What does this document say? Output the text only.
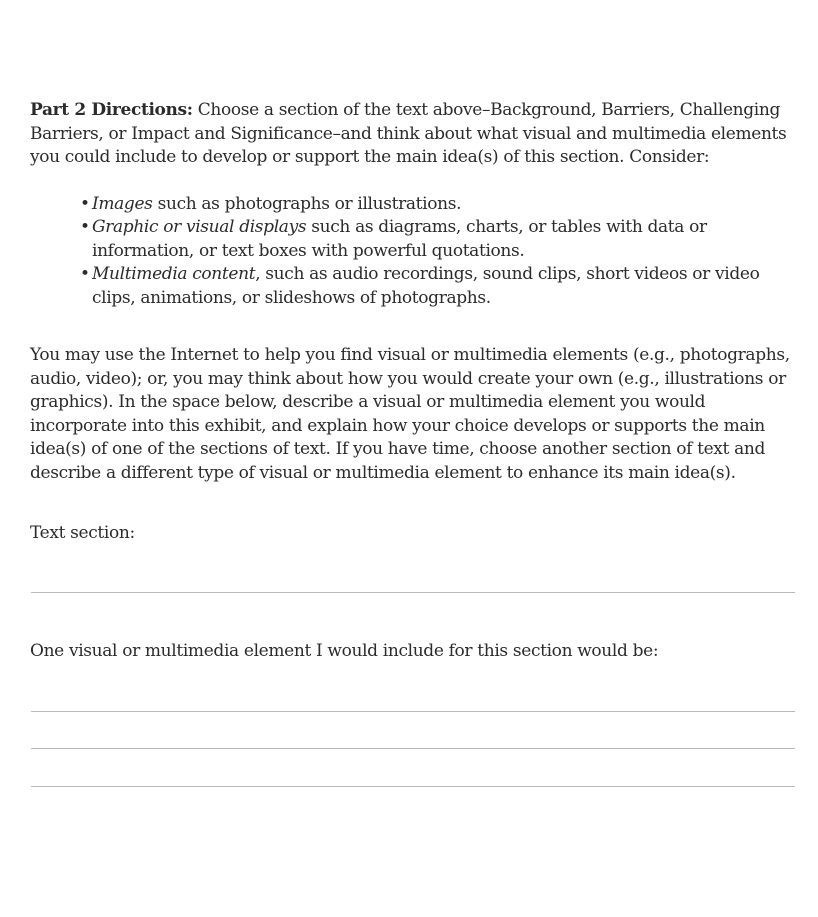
Part 2 Directions: Choose a section of the text above–Background, Barriers, Challenging Barriers, or Impact and Significance–and think about what visual and multimedia elements you could include to develop or support the main idea(s) of this section. Consider:

• Images such as photographs or illustrations.
• Graphic or visual displays such as diagrams, charts, or tables with data or information, or text boxes with powerful quotations.
• Multimedia content, such as audio recordings, sound clips, short videos or video clips, animations, or slideshows of photographs.

You may use the Internet to help you find visual or multimedia elements (e.g., photographs, audio, video); or, you may think about how you would create your own (e.g., illustrations or graphics). In the space below, describe a visual or multimedia element you would incorporate into this exhibit, and explain how your choice develops or supports the main idea(s) of one of the sections of text. If you have time, choose another section of text and describe a different type of visual or multimedia element to enhance its main idea(s).

Text section:

One visual or multimedia element I would include for this section would be:
